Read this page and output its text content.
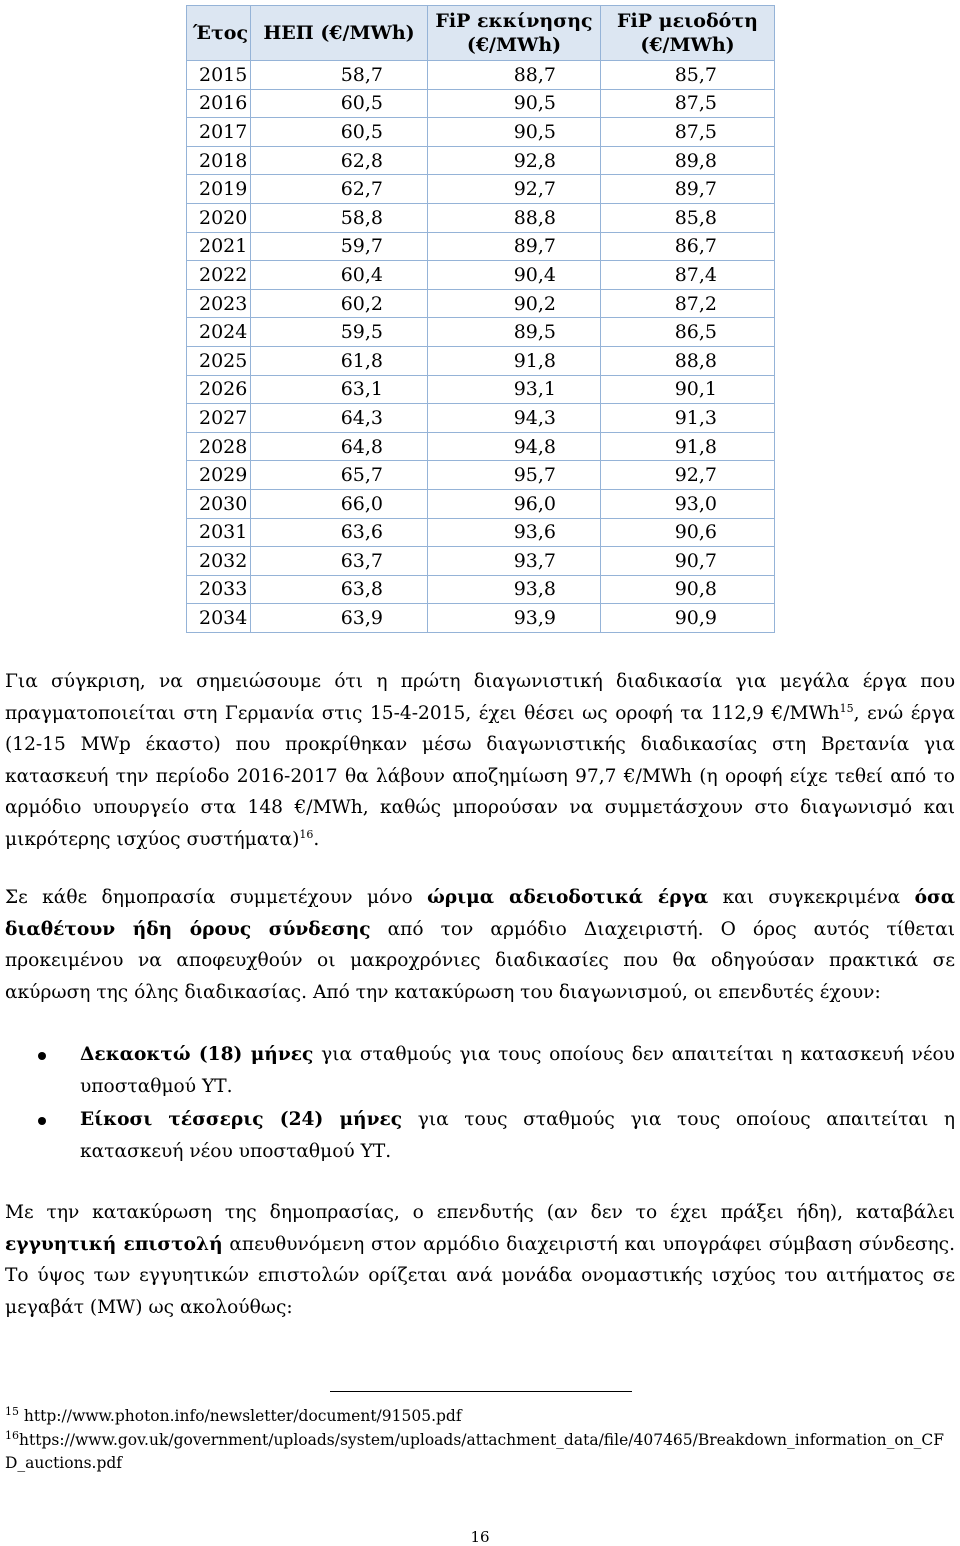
Έτος	ΗΕΠ (€/MWh)	FiP εκκίνησης (€/MWh)	FiP μειοδότη (€/MWh)
2015	58,7	88,7	85,7
2016	60,5	90,5	87,5
2017	60,5	90,5	87,5
2018	62,8	92,8	89,8
2019	62,7	92,7	89,7
2020	58,8	88,8	85,8
2021	59,7	89,7	86,7
2022	60,4	90,4	87,4
2023	60,2	90,2	87,2
2024	59,5	89,5	86,5
2025	61,8	91,8	88,8
2026	63,1	93,1	90,1
2027	64,3	94,3	91,3
2028	64,8	94,8	91,8
2029	65,7	95,7	92,7
2030	66,0	96,0	93,0
2031	63,6	93,6	90,6
2032	63,7	93,7	90,7
2033	63,8	93,8	90,8
2034	63,9	93,9	90,9

Για σύγκριση, να σημειώσουμε ότι η πρώτη διαγωνιστική διαδικασία για μεγάλα έργα που πραγματοποιείται στη Γερμανία στις 15-4-2015, έχει θέσει ως οροφή τα 112,9 €/MWh$^{15}$, ενώ έργα (12-15 MWp έκαστο) που προκρίθηκαν μέσω διαγωνιστικής διαδικασίας στη Βρετανία για κατασκευή την περίοδο 2016-2017 θα λάβουν αποζημίωση 97,7 €/MWh (η οροφή είχε τεθεί από το αρμόδιο υπουργείο στα 148 €/MWh, καθώς μπορούσαν να συμμετάσχουν στο διαγωνισμό και μικρότερης ισχύος συστήματα)$^{16}$.

Σε κάθε δημοπρασία συμμετέχουν μόνο ώριμα αδειοδοτικά έργα και συγκεκριμένα όσα διαθέτουν ήδη όρους σύνδεσης από τον αρμόδιο Διαχειριστή. Ο όρος αυτός τίθεται προκειμένου να αποφευχθούν οι μακροχρόνιες διαδικασίες που θα οδηγούσαν πρακτικά σε ακύρωση της όλης διαδικασίας. Από την κατακύρωση του διαγωνισμού, οι επενδυτές έχουν:

Δεκαοκτώ (18) μήνες για σταθμούς για τους οποίους δεν απαιτείται η κατασκευή νέου υποσταθμού ΥΤ.
Είκοσι τέσσερις (24) μήνες για τους σταθμούς για τους οποίους απαιτείται η κατασκευή νέου υποσταθμού ΥΤ.

Με την κατακύρωση της δημοπρασίας, ο επενδυτής (αν δεν το έχει πράξει ήδη), καταβάλει εγγυητική επιστολή απευθυνόμενη στον αρμόδιο διαχειριστή και υπογράφει σύμβαση σύνδεσης. Το ύψος των εγγυητικών επιστολών ορίζεται ανά μονάδα ονομαστικής ισχύος του αιτήματος σε μεγαβάτ (MW) ως ακολούθως:

$^{15}$ http://www.photon.info/newsletter/document/91505.pdf

$^{16}$https://www.gov.uk/government/uploads/system/uploads/attachment_data/file/407465/Breakdown_information_on_CFD_auctions.pdf

16
